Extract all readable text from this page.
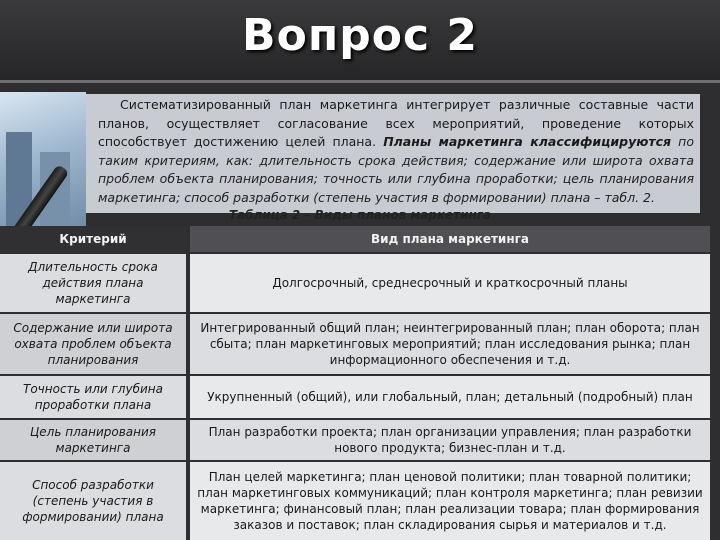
Вопрос 2
Систематизированный план маркетинга интегрирует различные составные части планов, осуществляет согласование всех мероприятий, проведение которых способствует достижению целей плана. Планы маркетинга классифицируются по таким критериям, как: длительность срока действия; содержание или широта охвата проблем объекта планирования; точность или глубина проработки; цель планирования маркетинга; способ разработки (степень участия в формировании) плана – табл. 2.
Таблица 2 – Виды планов маркетинга
Критерий	Вид плана маркетинга
Длительность срока действия плана маркетинга
Долгосрочный, среднесрочный и краткосрочный планы
Содержание или широта охвата проблем объекта планирования
Интегрированный общий план; неинтегрированный план; план оборота; план сбыта; план маркетинговых мероприятий; план исследования рынка; план информационного обеспечения и т.д.
Точность или глубина проработки плана
Укрупненный (общий), или глобальный, план; детальный (подробный) план
Цель планирования маркетинга
План разработки проекта; план организации управления; план разработки нового продукта; бизнес-план и т.д.
Способ разработки (степень участия в формировании) плана
План целей маркетинга; план ценовой политики; план товарной политики; план маркетинговых коммуникаций; план контроля маркетинга; план ревизии маркетинга; финансовый план; план реализации товара; план формирования заказов и поставок; план складирования сырья и материалов и т.д.
